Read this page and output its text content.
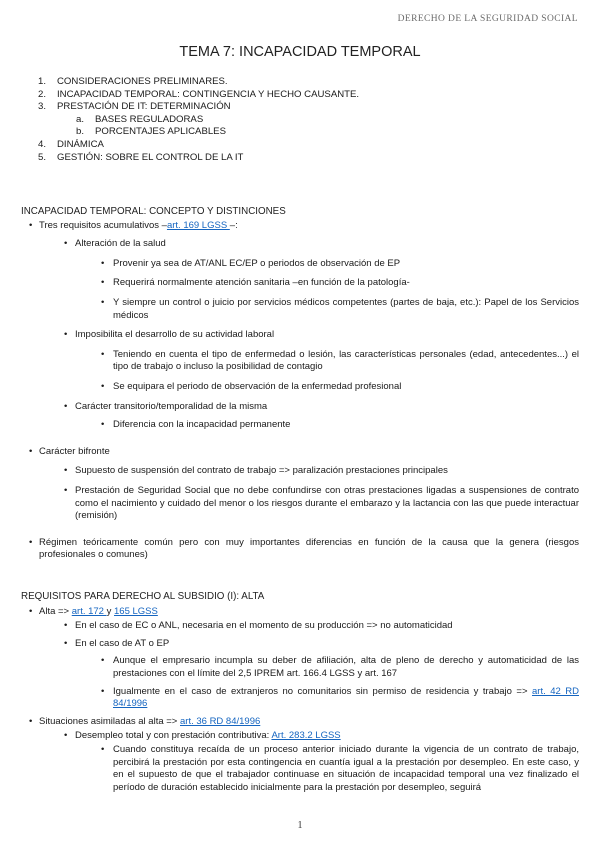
DERECHO DE LA SEGURIDAD SOCIAL
TEMA 7: INCAPACIDAD TEMPORAL
1. CONSIDERACIONES PRELIMINARES.
2. INCAPACIDAD TEMPORAL: CONTINGENCIA Y HECHO CAUSANTE.
3. PRESTACIÓN DE IT: DETERMINACIÓN
a. BASES REGULADORAS
b. PORCENTAJES APLICABLES
4. DINÁMICA
5. GESTIÓN: SOBRE EL CONTROL DE LA IT
INCAPACIDAD TEMPORAL: CONCEPTO Y DISTINCIONES
•
Tres requisitos acumulativos –art. 169 LGSS –:
•
Alteración de la salud
•
Provenir ya sea de AT/ANL EC/EP o periodos de observación de EP
•
Requerirá normalmente atención sanitaria –en función de la patología-
•
Y siempre un control o juicio por servicios médicos competentes (partes de baja, etc.): Papel de los Servicios médicos
•
Imposibilita el desarrollo de su actividad laboral
•
Teniendo en cuenta el tipo de enfermedad o lesión, las características personales (edad, antecedentes...) el tipo de trabajo o incluso la posibilidad de contagio
•
Se equipara el periodo de observación de la enfermedad profesional
•
Carácter transitorio/temporalidad de la misma
•
Diferencia con la incapacidad permanente
•
Carácter bifronte
•
Supuesto de suspensión del contrato de trabajo => paralización prestaciones principales
•
Prestación de Seguridad Social que no debe confundirse con otras prestaciones ligadas a suspensiones de contrato como el nacimiento y cuidado del menor o los riesgos durante el embarazo y la lactancia con las que puede interactuar (remisión)
•
Régimen teóricamente común pero con muy importantes diferencias en función de la causa que la genera (riesgos profesionales o comunes)
REQUISITOS PARA DERECHO AL SUBSIDIO (I): ALTA
•
Alta => art. 172 y 165 LGSS
•
En el caso de EC o ANL, necesaria en el momento de su producción => no automaticidad
•
En el caso de AT o EP
•
Aunque el empresario incumpla su deber de afiliación, alta de pleno de derecho y automaticidad de las prestaciones con el límite del 2,5 IPREM art. 166.4 LGSS y art. 167
•
Igualmente en el caso de extranjeros no comunitarios sin permiso de residencia y trabajo => art. 42 RD 84/1996
•
Situaciones asimiladas al alta => art. 36 RD 84/1996
•
Desempleo total y con prestación contributiva: Art. 283.2 LGSS
•
Cuando constituya recaída de un proceso anterior iniciado durante la vigencia de un contrato de trabajo, percibirá la prestación por esta contingencia en cuantía igual a la prestación por desempleo. En este caso, y en el supuesto de que el trabajador continuase en situación de incapacidad temporal una vez finalizado el período de duración establecido inicialmente para la prestación por desempleo, seguirá
1
